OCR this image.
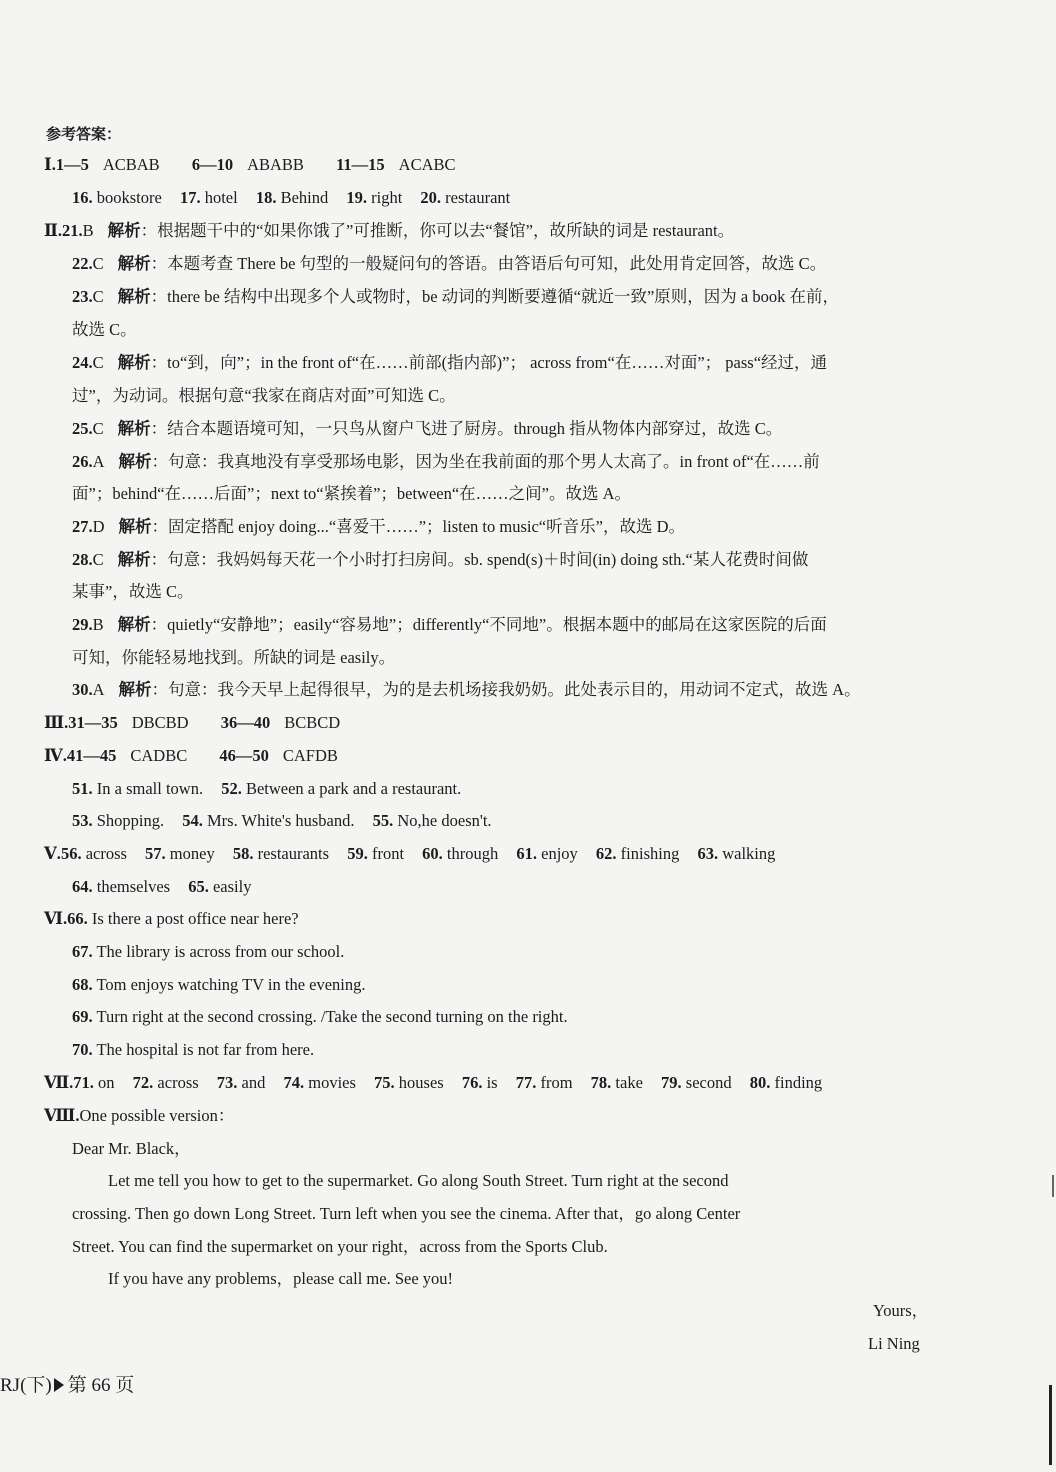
参考答案：
Ⅰ.1—5 ACBAB 6—10 ABABB 11—15 ACABC
16. bookstore 17. hotel 18. Behind 19. right 20. restaurant
Ⅱ.21.B 解析：根据题干中的“如果你饿了”可推断，你可以去“餐馆”，故所缺的词是 restaurant。
22.C 解析：本题考查 There be 句型的一般疑问句的答语。由答语后句可知，此处用肯定回答，故选 C。
23.C 解析：there be 结构中出现多个人或物时，be 动词的判断要遵循“就近一致”原则，因为 a book 在前，
故选 C。
24.C 解析：to“到，向”；in the front of“在……前部(指内部)”； across from“在……对面”； pass“经过，通
过”，为动词。根据句意“我家在商店对面”可知选 C。
25.C 解析：结合本题语境可知，一只鸟从窗户飞进了厨房。through 指从物体内部穿过，故选 C。
26.A 解析：句意：我真地没有享受那场电影，因为坐在我前面的那个男人太高了。in front of“在……前
面”；behind“在……后面”；next to“紧挨着”；between“在……之间”。故选 A。
27.D 解析：固定搭配 enjoy doing...“喜爱干……”；listen to music“听音乐”，故选 D。
28.C 解析：句意：我妈妈每天花一个小时打扫房间。sb. spend(s)＋时间(in) doing sth.“某人花费时间做
某事”，故选 C。
29.B 解析：quietly“安静地”；easily“容易地”；differently“不同地”。根据本题中的邮局在这家医院的后面
可知，你能轻易地找到。所缺的词是 easily。
30.A 解析：句意：我今天早上起得很早，为的是去机场接我奶奶。此处表示目的，用动词不定式，故选 A。
Ⅲ.31—35 DBCBD 36—40 BCBCD
Ⅳ.41—45 CADBC 46—50 CAFDB
51. In a small town. 52. Between a park and a restaurant.
53. Shopping. 54. Mrs. White's husband. 55. No,he doesn't.
Ⅴ.56. across 57. money 58. restaurants 59. front 60. through 61. enjoy 62. finishing 63. walking
64. themselves 65. easily
Ⅵ.66. Is there a post office near here?
67. The library is across from our school.
68. Tom enjoys watching TV in the evening.
69. Turn right at the second crossing. /Take the second turning on the right.
70. The hospital is not far from here.
Ⅶ.71. on 72. across 73. and 74. movies 75. houses 76. is 77. from 78. take 79. second 80. finding
Ⅷ.One possible version：
Dear Mr. Black，
Let me tell you how to get to the supermarket. Go along South Street. Turn right at the second
crossing. Then go down Long Street. Turn left when you see the cinema. After that，go along Center
Street. You can find the supermarket on your right，across from the Sports Club.
If you have any problems，please call me. See you!
Yours，
Li Ning
RJ(下) 第 66 页
